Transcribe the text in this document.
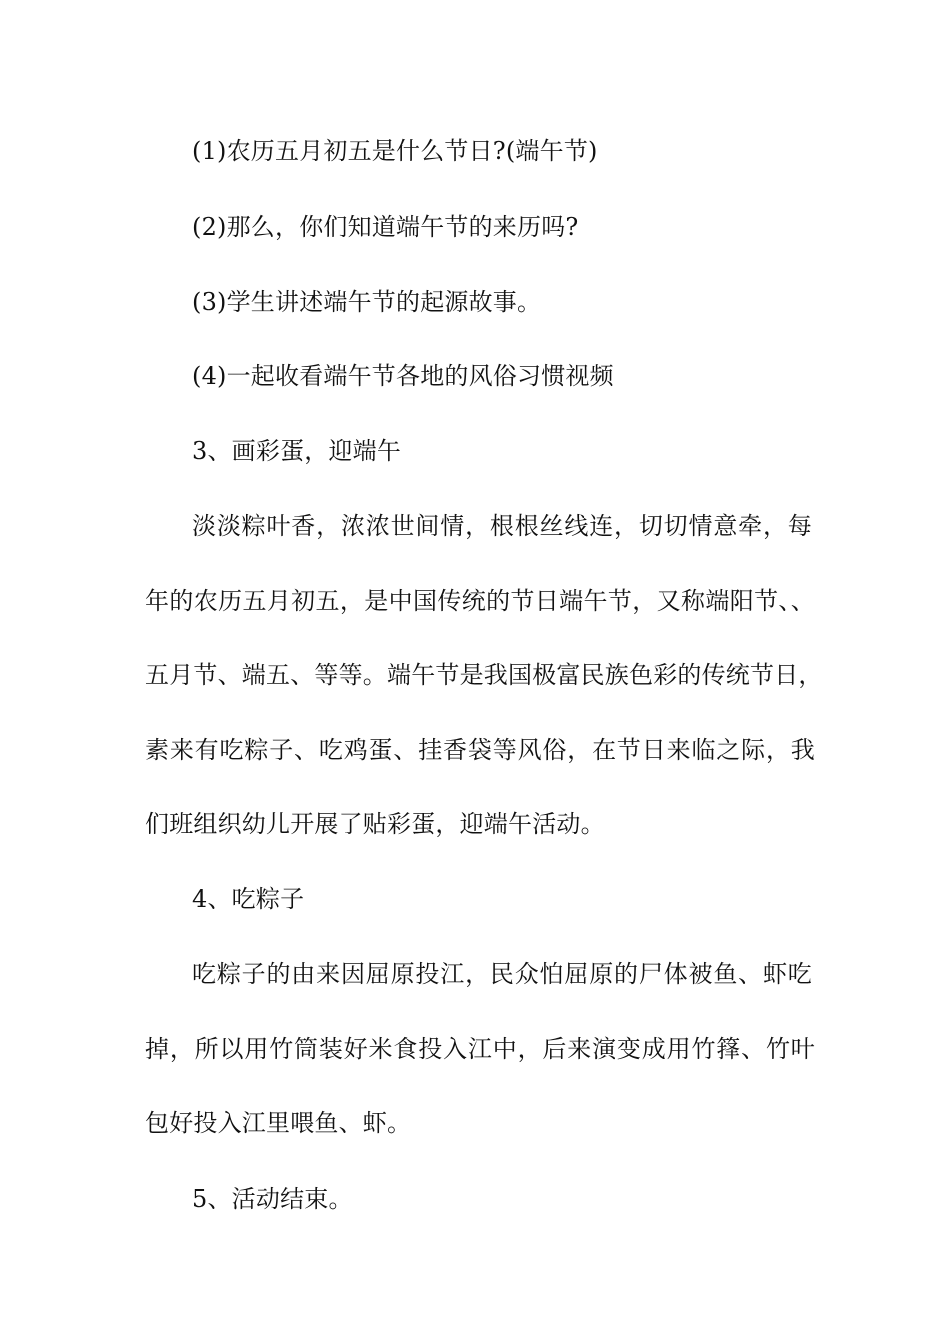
(1)农历五月初五是什么节日?(端午节)
(2)那么，你们知道端午节的来历吗?
(3)学生讲述端午节的起源故事。
(4)一起收看端午节各地的风俗习惯视频
3、画彩蛋，迎端午
淡淡粽叶香，浓浓世间情，根根丝线连，切切情意牵，每
年的农历五月初五，是中国传统的节日端午节，又称端阳节、、
五月节、端五、等等。端午节是我国极富民族色彩的传统节日，
素来有吃粽子、吃鸡蛋、挂香袋等风俗，在节日来临之际，我
们班组织幼儿开展了贴彩蛋，迎端午活动。
4、吃粽子
吃粽子的由来因屈原投江，民众怕屈原的尸体被鱼、虾吃
掉，所以用竹筒装好米食投入江中，后来演变成用竹箨、竹叶
包好投入江里喂鱼、虾。
5、活动结束。
